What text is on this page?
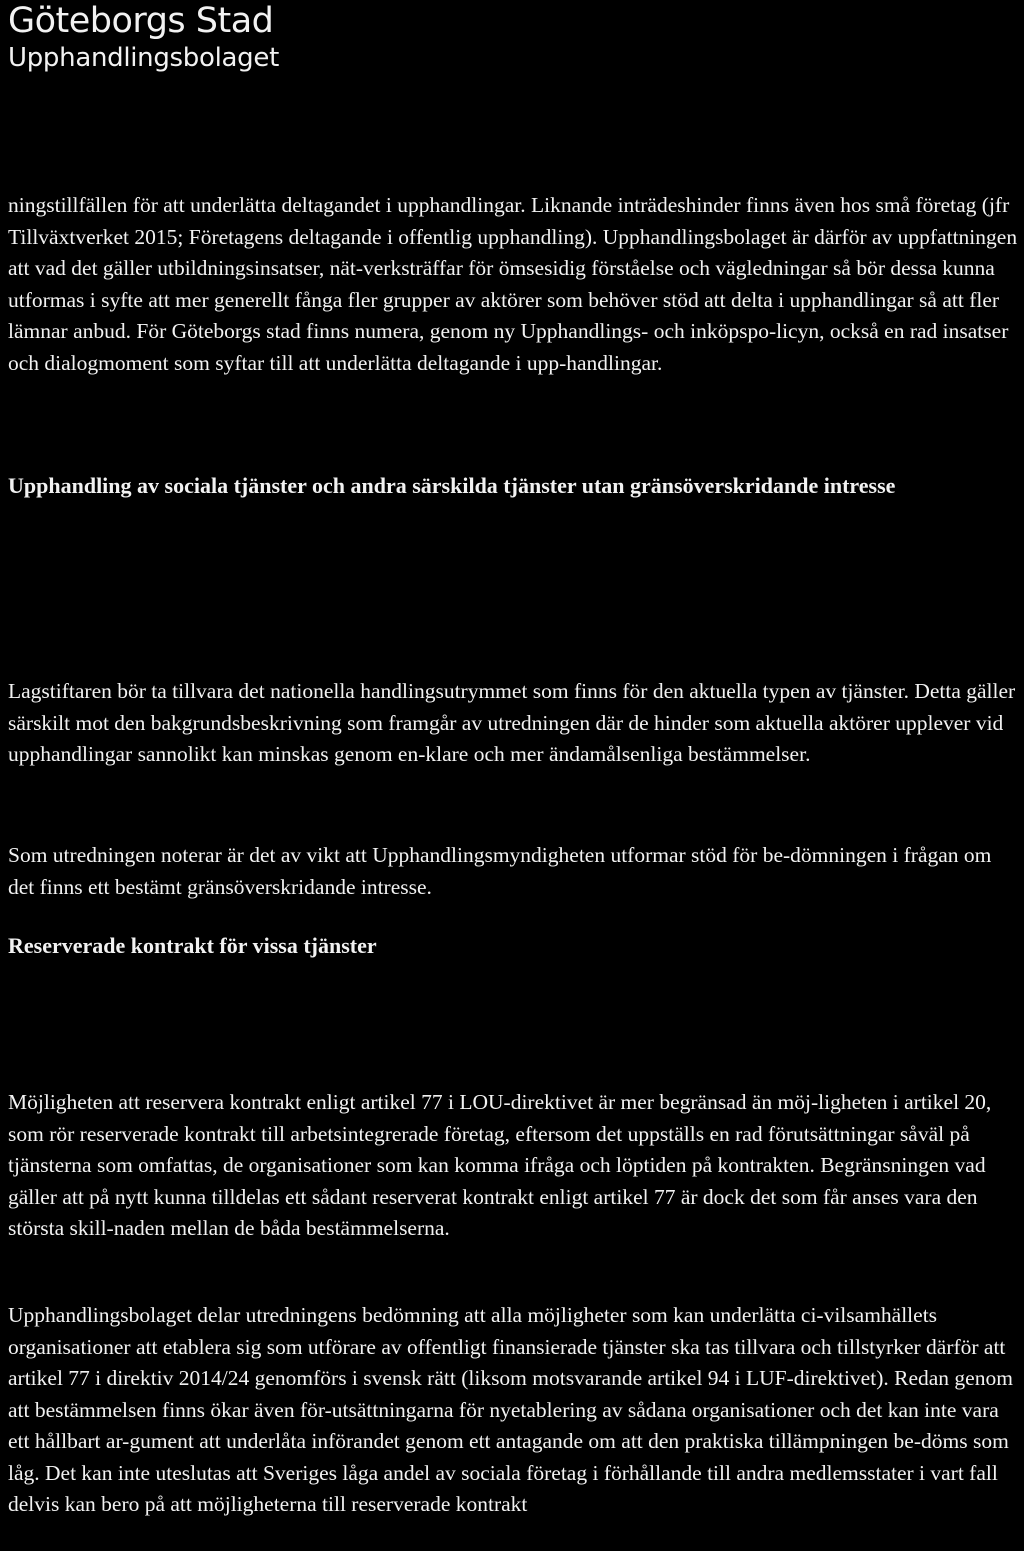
Göteborgs Stad

Upphandlingsbolaget

ningstillfällen för att underlätta deltagandet i upphandlingar. Liknande inträdeshinder finns även hos små företag (jfr Tillväxtverket 2015; Företagens deltagande i offentlig upphandling). Upphandlingsbolaget är därför av uppfattningen att vad det gäller utbildningsinsatser, nät-verksträffar för ömsesidig förståelse och vägledningar så bör dessa kunna utformas i syfte att mer generellt fånga fler grupper av aktörer som behöver stöd att delta i upphandlingar så att fler lämnar anbud. För Göteborgs stad finns numera, genom ny Upphandlings- och inköpspo-licyn, också en rad insatser och dialogmoment som syftar till att underlätta deltagande i upp-handlingar.

Upphandling av sociala tjänster och andra särskilda tjänster utan gränsöverskridande intresse

Lagstiftaren bör ta tillvara det nationella handlingsutrymmet som finns för den aktuella typen av tjänster. Detta gäller särskilt mot den bakgrundsbeskrivning som framgår av utredningen där de hinder som aktuella aktörer upplever vid upphandlingar sannolikt kan minskas genom en-klare och mer ändamålsenliga bestämmelser.

Som utredningen noterar är det av vikt att Upphandlingsmyndigheten utformar stöd för be-dömningen i frågan om det finns ett bestämt gränsöverskridande intresse.

Reserverade kontrakt för vissa tjänster

Möjligheten att reservera kontrakt enligt artikel 77 i LOU-direktivet är mer begränsad än möj-ligheten i artikel 20, som rör reserverade kontrakt till arbetsintegrerade företag, eftersom det uppställs en rad förutsättningar såväl på tjänsterna som omfattas, de organisationer som kan komma ifråga och löptiden på kontrakten. Begränsningen vad gäller att på nytt kunna tilldelas ett sådant reserverat kontrakt enligt artikel 77 är dock det som får anses vara den största skill-naden mellan de båda bestämmelserna.

Upphandlingsbolaget delar utredningens bedömning att alla möjligheter som kan underlätta ci-vilsamhällets organisationer att etablera sig som utförare av offentligt finansierade tjänster ska tas tillvara och tillstyrker därför att artikel 77 i direktiv 2014/24 genomförs i svensk rätt (liksom motsvarande artikel 94 i LUF-direktivet). Redan genom att bestämmelsen finns ökar även för-utsättningarna för nyetablering av sådana organisationer och det kan inte vara ett hållbart ar-gument att underlåta införandet genom ett antagande om att den praktiska tillämpningen be-döms som låg. Det kan inte uteslutas att Sveriges låga andel av sociala företag i förhållande till andra medlemsstater i vart fall delvis kan bero på att möjligheterna till reserverade kontrakt
